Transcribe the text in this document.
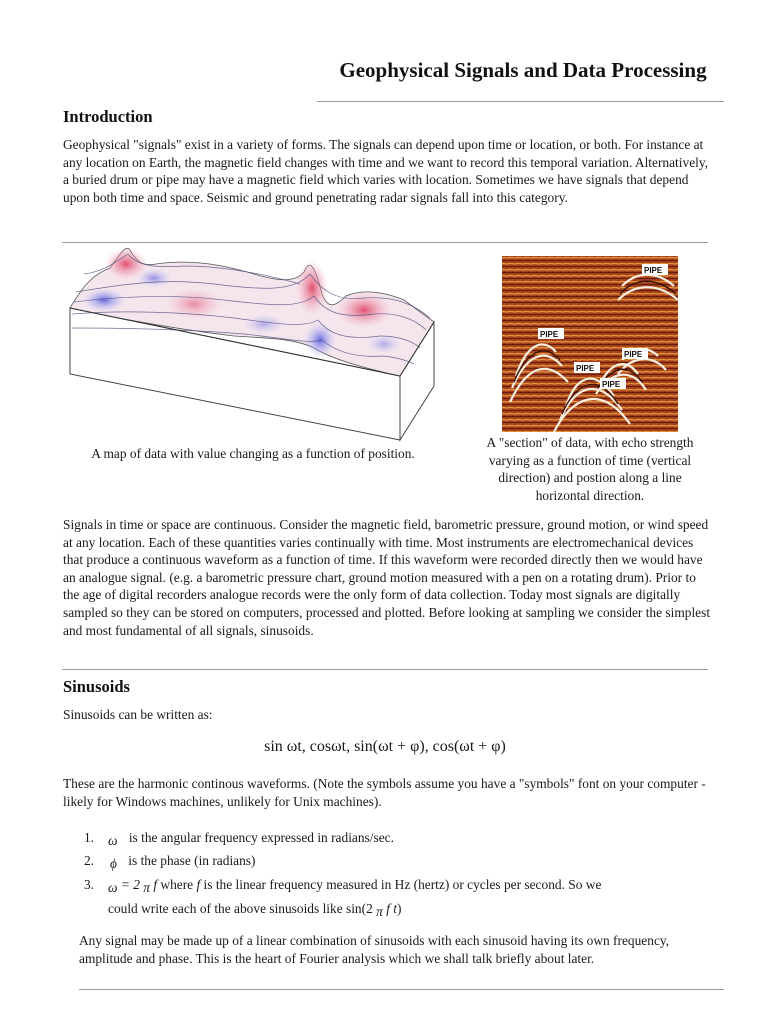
Geophysical Signals and Data Processing
Introduction

Geophysical "signals" exist in a variety of forms. The signals can depend upon time or location, or both. For instance at any location on Earth, the magnetic field changes with time and we want to record this temporal variation. Alternatively, a buried drum or pipe may have a magnetic field which varies with location. Sometimes we have signals that depend upon both time and space. Seismic and ground penetrating radar signals fall into this category.

A map of data with value changing as a function of position.
PIPE
PIPE
PIPE
PIPE
PIPE
A "section" of data, with echo strength varying as a function of time (vertical direction) and postion along a line horizontal direction.

Signals in time or space are continuous. Consider the magnetic field, barometric pressure, ground motion, or wind speed at any location. Each of these quantities varies continually with time. Most instruments are electromechanical devices that produce a continuous waveform as a function of time. If this waveform were recorded directly then we would have an analogue signal. (e.g. a barometric pressure chart, ground motion measured with a pen on a rotating drum). Prior to the age of digital recorders analogue records were the only form of data collection. Today most signals are digitally sampled so they can be stored on computers, processed and plotted. Before looking at sampling we consider the simplest and most fundamental of all signals, sinusoids.

Sinusoids

Sinusoids can be written as:

sin ωt, cosωt, sin(ωt + φ), cos(ωt + φ)

These are the harmonic continous waveforms. (Note the symbols assume you have a "symbols" font on your computer - likely for Windows machines, unlikely for Unix machines).

1. ω is the angular frequency expressed in radians/sec.
2. ϕ is the phase (in radians)
3. ω = 2 π f where f is the linear frequency measured in Hz (hertz) or cycles per second. So we
could write each of the above sinusoids like sin(2 π f t)

Any signal may be made up of a linear combination of sinusoids with each sinusoid having its own frequency, amplitude and phase. This is the heart of Fourier analysis which we shall talk briefly about later.
